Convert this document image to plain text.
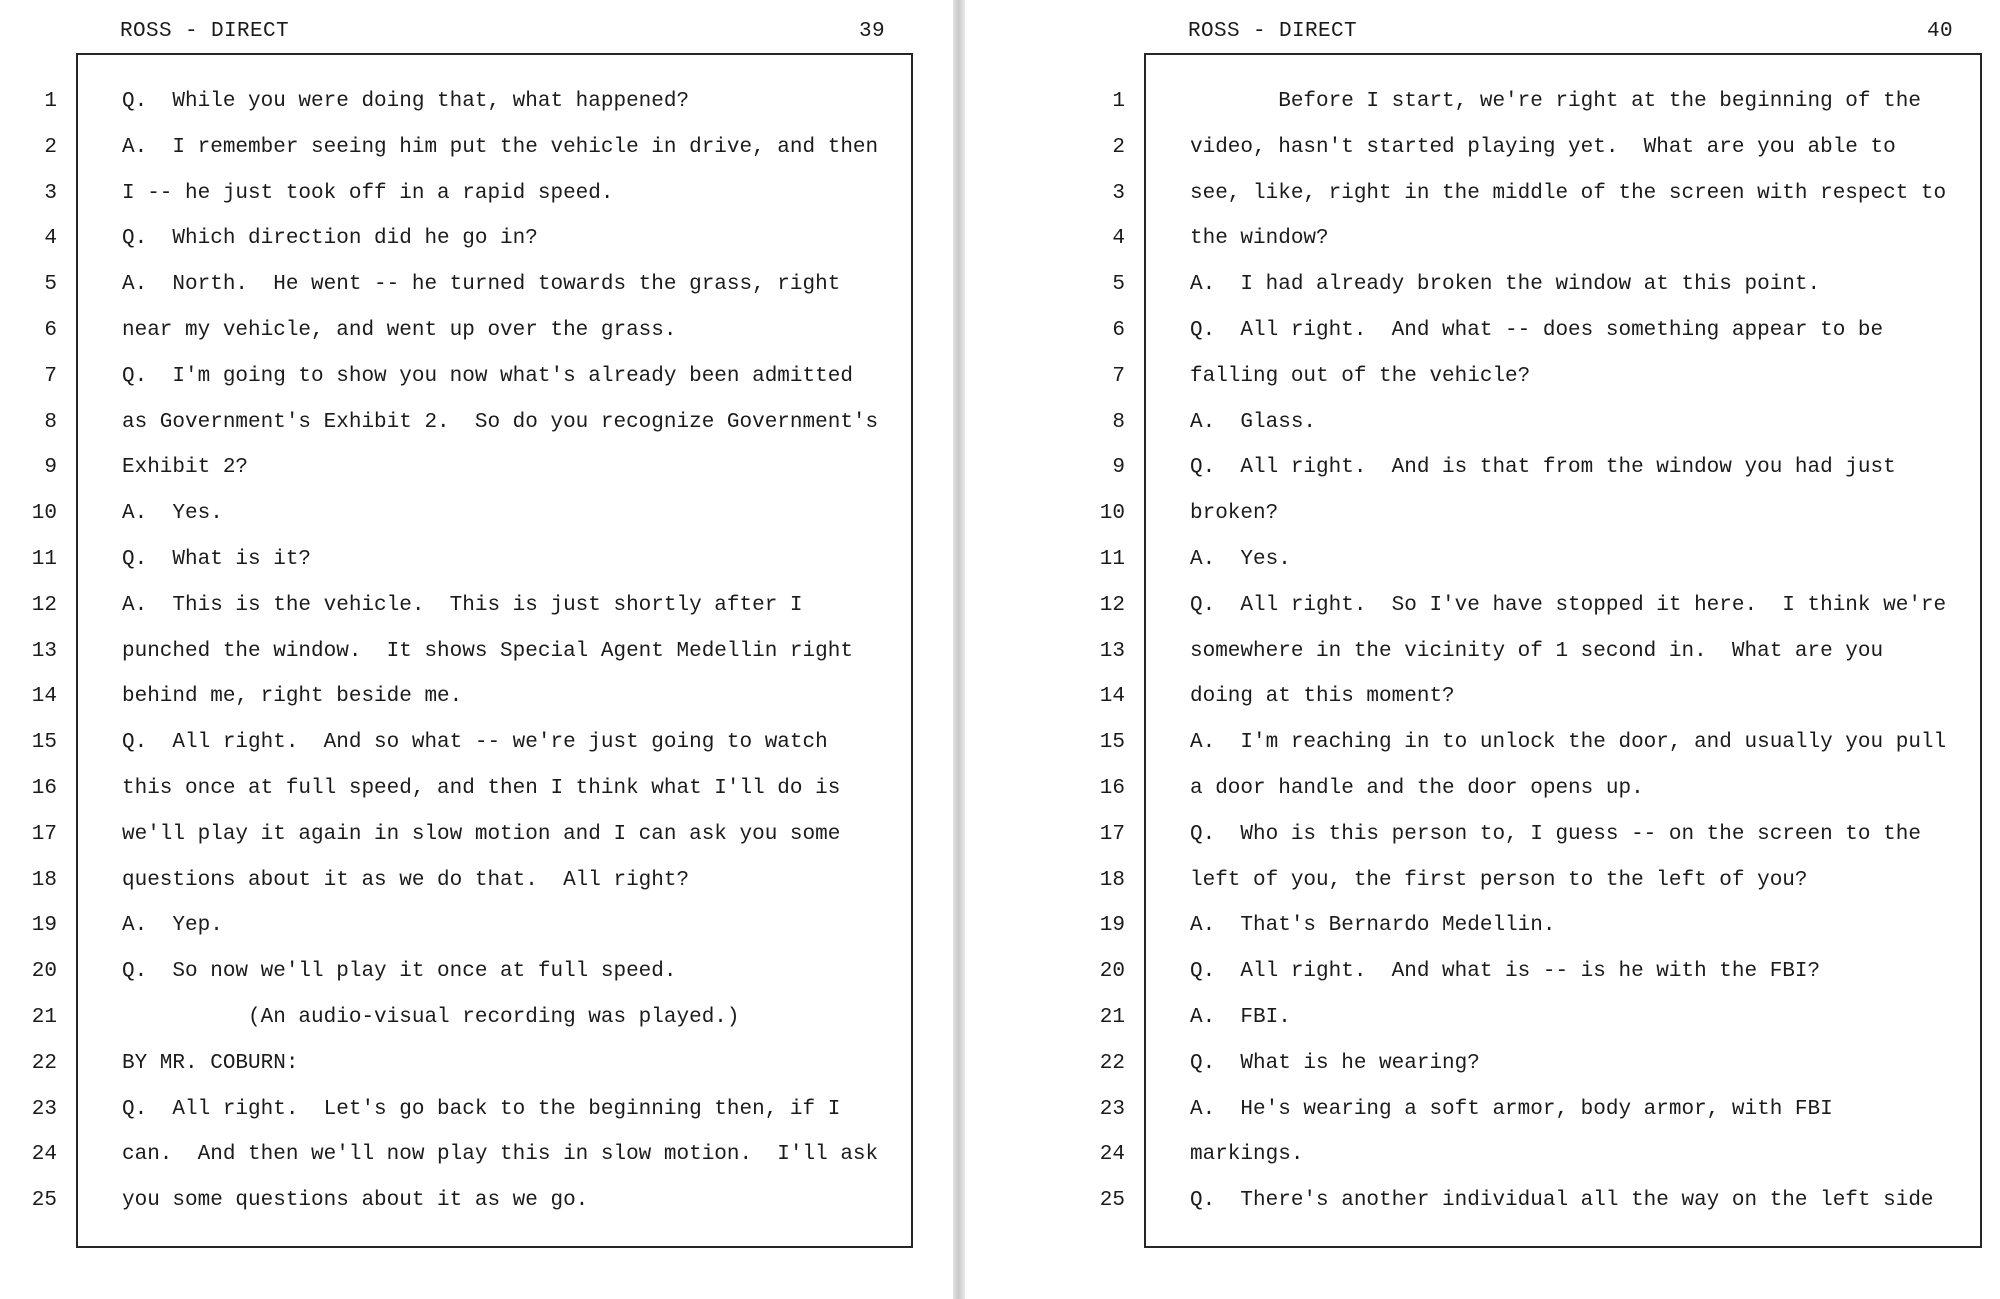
ROSS - DIRECT	39
1	Q.  While you were doing that, what happened?
2	A.  I remember seeing him put the vehicle in drive, and then
3	I -- he just took off in a rapid speed.
4	Q.  Which direction did he go in?
5	A.  North.  He went -- he turned towards the grass, right
6	near my vehicle, and went up over the grass.
7	Q.  I'm going to show you now what's already been admitted
8	as Government's Exhibit 2.  So do you recognize Government's
9	Exhibit 2?
10	A.  Yes.
11	Q.  What is it?
12	A.  This is the vehicle.  This is just shortly after I
13	punched the window.  It shows Special Agent Medellin right
14	behind me, right beside me.
15	Q.  All right.  And so what -- we're just going to watch
16	this once at full speed, and then I think what I'll do is
17	we'll play it again in slow motion and I can ask you some
18	questions about it as we do that.  All right?
19	A.  Yep.
20	Q.  So now we'll play it once at full speed.
21	(An audio-visual recording was played.)
22	BY MR. COBURN:
23	Q.  All right.  Let's go back to the beginning then, if I
24	can.  And then we'll now play this in slow motion.  I'll ask
25	you some questions about it as we go.
ROSS - DIRECT	40
1	Before I start, we're right at the beginning of the
2	video, hasn't started playing yet.  What are you able to
3	see, like, right in the middle of the screen with respect to
4	the window?
5	A.  I had already broken the window at this point.
6	Q.  All right.  And what -- does something appear to be
7	falling out of the vehicle?
8	A.  Glass.
9	Q.  All right.  And is that from the window you had just
10	broken?
11	A.  Yes.
12	Q.  All right.  So I've have stopped it here.  I think we're
13	somewhere in the vicinity of 1 second in.  What are you
14	doing at this moment?
15	A.  I'm reaching in to unlock the door, and usually you pull
16	a door handle and the door opens up.
17	Q.  Who is this person to, I guess -- on the screen to the
18	left of you, the first person to the left of you?
19	A.  That's Bernardo Medellin.
20	Q.  All right.  And what is -- is he with the FBI?
21	A.  FBI.
22	Q.  What is he wearing?
23	A.  He's wearing a soft armor, body armor, with FBI
24	markings.
25	Q.  There's another individual all the way on the left side
